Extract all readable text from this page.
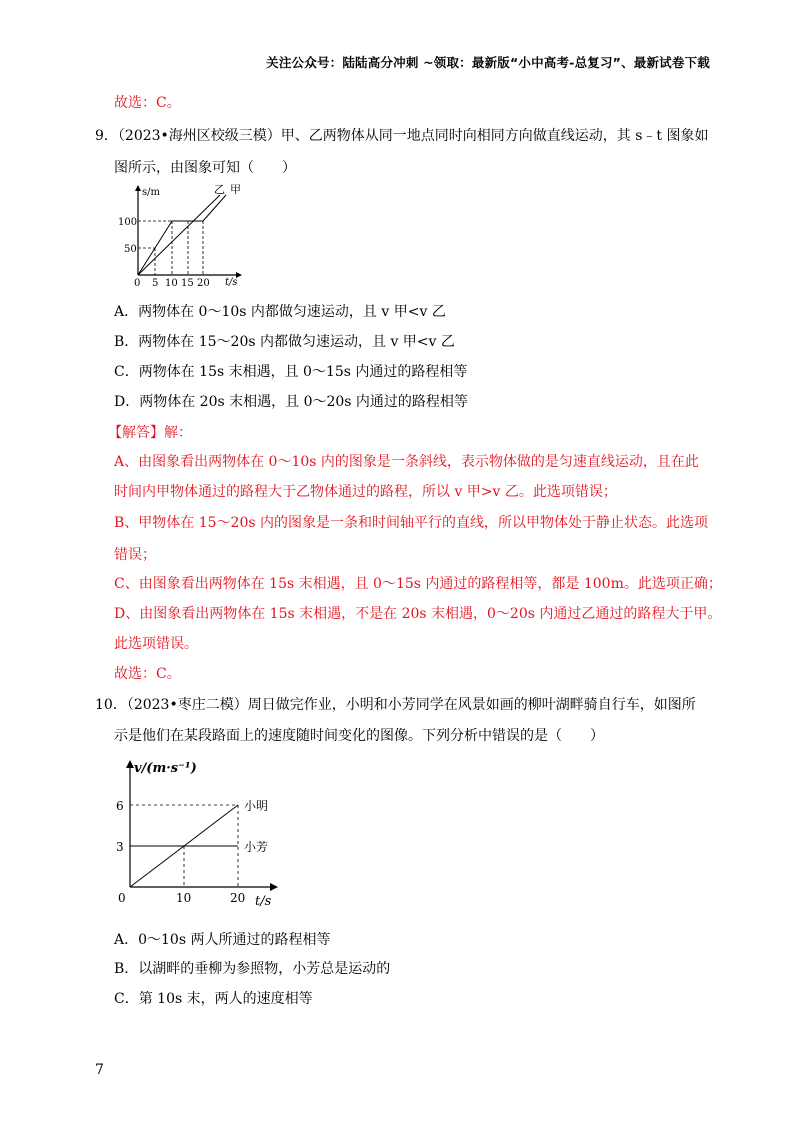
关注公众号：陆陆高分冲刺 ~领取：最新版“小中高考-总复习”、最新试卷下载
故选：C。
9．（2023•海州区校级三模）甲、乙两物体从同一地点同时向相同方向做直线运动，其 s﹣t 图象如
图所示，由图象可知（　　）
s/m
t/s
100
50
0 5 10 15 20
乙 甲
A．两物体在 0～10s 内都做匀速运动，且 v 甲<v 乙
B．两物体在 15～20s 内都做匀速运动，且 v 甲<v 乙
C．两物体在 15s 末相遇，且 0～15s 内通过的路程相等
D．两物体在 20s 末相遇，且 0～20s 内通过的路程相等
【解答】解：
A、由图象看出两物体在 0～10s 内的图象是一条斜线，表示物体做的是匀速直线运动，且在此
时间内甲物体通过的路程大于乙物体通过的路程，所以 v 甲>v 乙。此选项错误；
B、甲物体在 15～20s 内的图象是一条和时间轴平行的直线，所以甲物体处于静止状态。此选项
错误；
C、由图象看出两物体在 15s 末相遇，且 0～15s 内通过的路程相等，都是 100m。此选项正确；
D、由图象看出两物体在 15s 末相遇，不是在 20s 末相遇，0～20s 内通过乙通过的路程大于甲。
此选项错误。
故选：C。
10．（2023•枣庄二模）周日做完作业，小明和小芳同学在风景如画的柳叶湖畔骑自行车，如图所
示是他们在某段路面上的速度随时间变化的图像。下列分析中错误的是（　　）
v/(m·s⁻¹)
t/s
6
3
0	10	20
小明
小芳
A．0～10s 两人所通过的路程相等
B．以湖畔的垂柳为参照物，小芳总是运动的
C．第 10s 末，两人的速度相等
7
